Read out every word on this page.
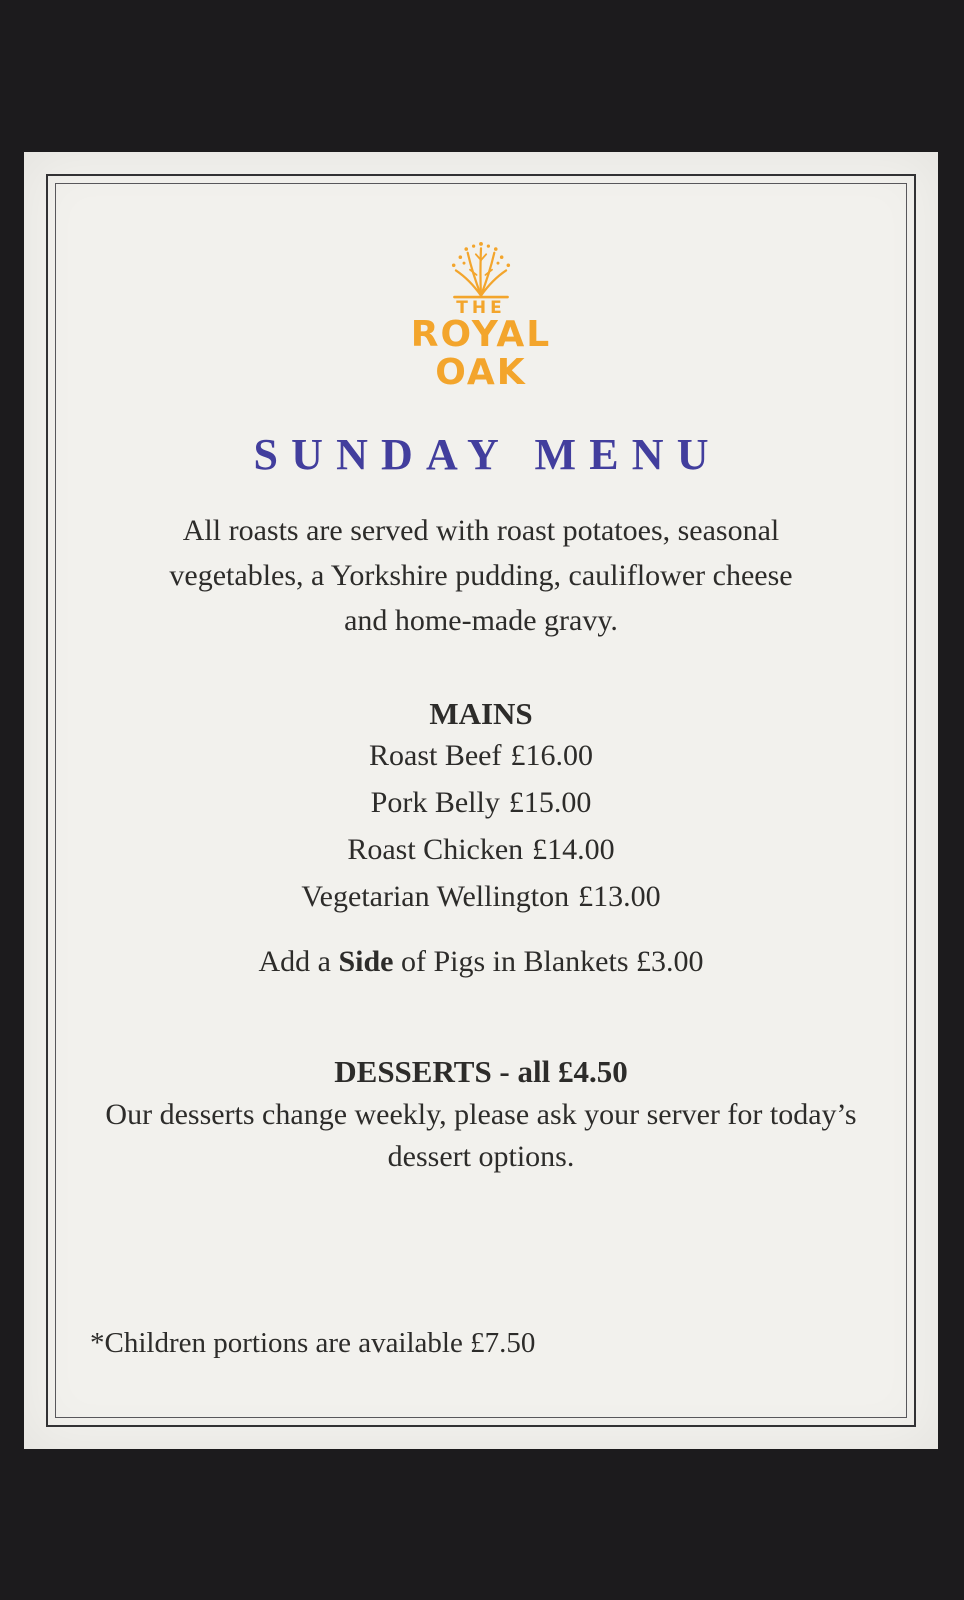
THE
ROYAL
OAK
SUNDAY MENU
All roasts are served with roast potatoes, seasonal
vegetables, a Yorkshire pudding, cauliflower cheese
and home-made gravy.
MAINS
Roast Beef £16.00
Pork Belly £15.00
Roast Chicken £14.00
Vegetarian Wellington £13.00
Add a Side of Pigs in Blankets £3.00
DESSERTS - all £4.50
Our desserts change weekly, please ask your server for today’s
dessert options.
*Children portions are available £7.50
